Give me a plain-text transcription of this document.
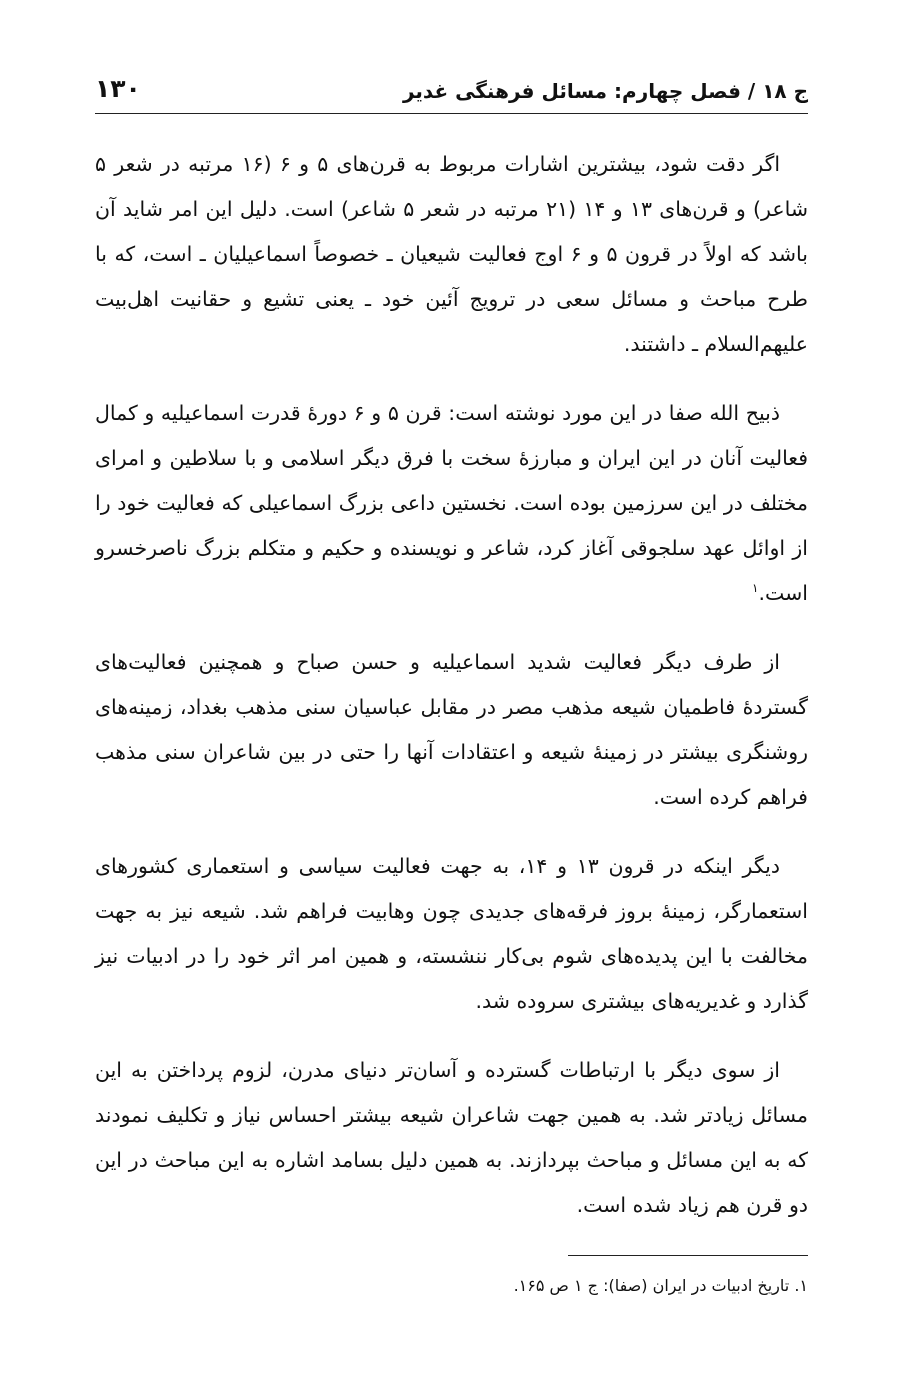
۱۳۰	ج ۱۸ / فصل چهارم: مسائل فرهنگی غدیر

اگر دقت شود، بیشترین اشارات مربوط به قرن‌های ۵ و ۶ (۱۶ مرتبه در شعر ۵ شاعر) و قرن‌های ۱۳ و ۱۴ (۲۱ مرتبه در شعر ۵ شاعر) است. دلیل این امر شاید آن باشد که اولاً در قرون ۵ و ۶ اوج فعالیت شیعیان ـ خصوصاً اسماعیلیان ـ است، که با طرح مباحث و مسائل سعی در ترویج آئین خود ـ یعنی تشیع و حقانیت اهل‌بیت علیهم‌السلام ـ داشتند.

ذبیح الله صفا در این مورد نوشته است: قرن ۵ و ۶ دورهٔ قدرت اسماعیلیه و کمال فعالیت آنان در این ایران و مبارزهٔ سخت با فرق دیگر اسلامی و با سلاطین و امرای مختلف در این سرزمین بوده است. نخستین داعی بزرگ اسماعیلی که فعالیت خود را از اوائل عهد سلجوقی آغاز کرد، شاعر و نویسنده و حکیم و متکلم بزرگ ناصرخسرو است.$^۱$

از طرف دیگر فعالیت شدید اسماعیلیه و حسن صباح و همچنین فعالیت‌های گستردهٔ فاطمیان شیعه مذهب مصر در مقابل عباسیان سنی مذهب بغداد، زمینه‌های روشنگری بیشتر در زمینهٔ شیعه و اعتقادات آنها را حتی در بین شاعران سنی مذهب فراهم کرده است.

دیگر اینکه در قرون ۱۳ و ۱۴، به جهت فعالیت سیاسی و استعماری کشورهای استعمارگر، زمینهٔ بروز فرقه‌های جدیدی چون وهابیت فراهم شد. شیعه نیز به جهت مخالفت با این پدیده‌های شوم بی‌کار ننشسته، و همین امر اثر خود را در ادبیات نیز گذارد و غدیریه‌های بیشتری سروده شد.

از سوی دیگر با ارتباطات گسترده و آسان‌تر دنیای مدرن، لزوم پرداختن به این مسائل زیادتر شد. به همین جهت شاعران شیعه بیشتر احساس نیاز و تکلیف نمودند که به این مسائل و مباحث بپردازند. به همین دلیل بسامد اشاره به این مباحث در این دو قرن هم زیاد شده است.

۱. تاریخ ادبیات در ایران (صفا): ج ۱ ص ۱۶۵.
